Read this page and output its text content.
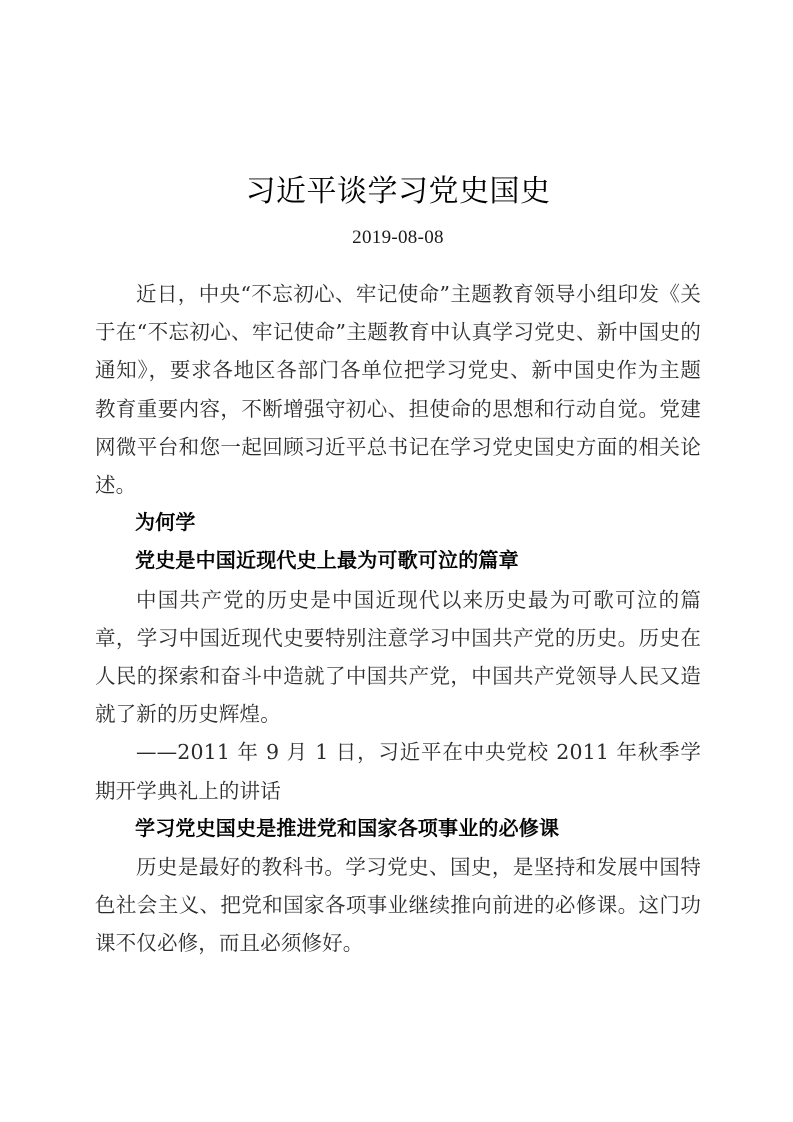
习近平谈学习党史国史
2019-08-08

近日，中央“不忘初心、牢记使命”主题教育领导小组印发《关于在“不忘初心、牢记使命”主题教育中认真学习党史、新中国史的通知》，要求各地区各部门各单位把学习党史、新中国史作为主题教育重要内容，不断增强守初心、担使命的思想和行动自觉。党建网微平台和您一起回顾习近平总书记在学习党史国史方面的相关论述。

为何学
党史是中国近现代史上最为可歌可泣的篇章

中国共产党的历史是中国近现代以来历史最为可歌可泣的篇章，学习中国近现代史要特别注意学习中国共产党的历史。历史在人民的探索和奋斗中造就了中国共产党，中国共产党领导人民又造就了新的历史辉煌。

——2011 年 9 月 1 日，习近平在中央党校 2011 年秋季学期开学典礼上的讲话

学习党史国史是推进党和国家各项事业的必修课

历史是最好的教科书。学习党史、国史，是坚持和发展中国特色社会主义、把党和国家各项事业继续推向前进的必修课。这门功课不仅必修，而且必须修好。
